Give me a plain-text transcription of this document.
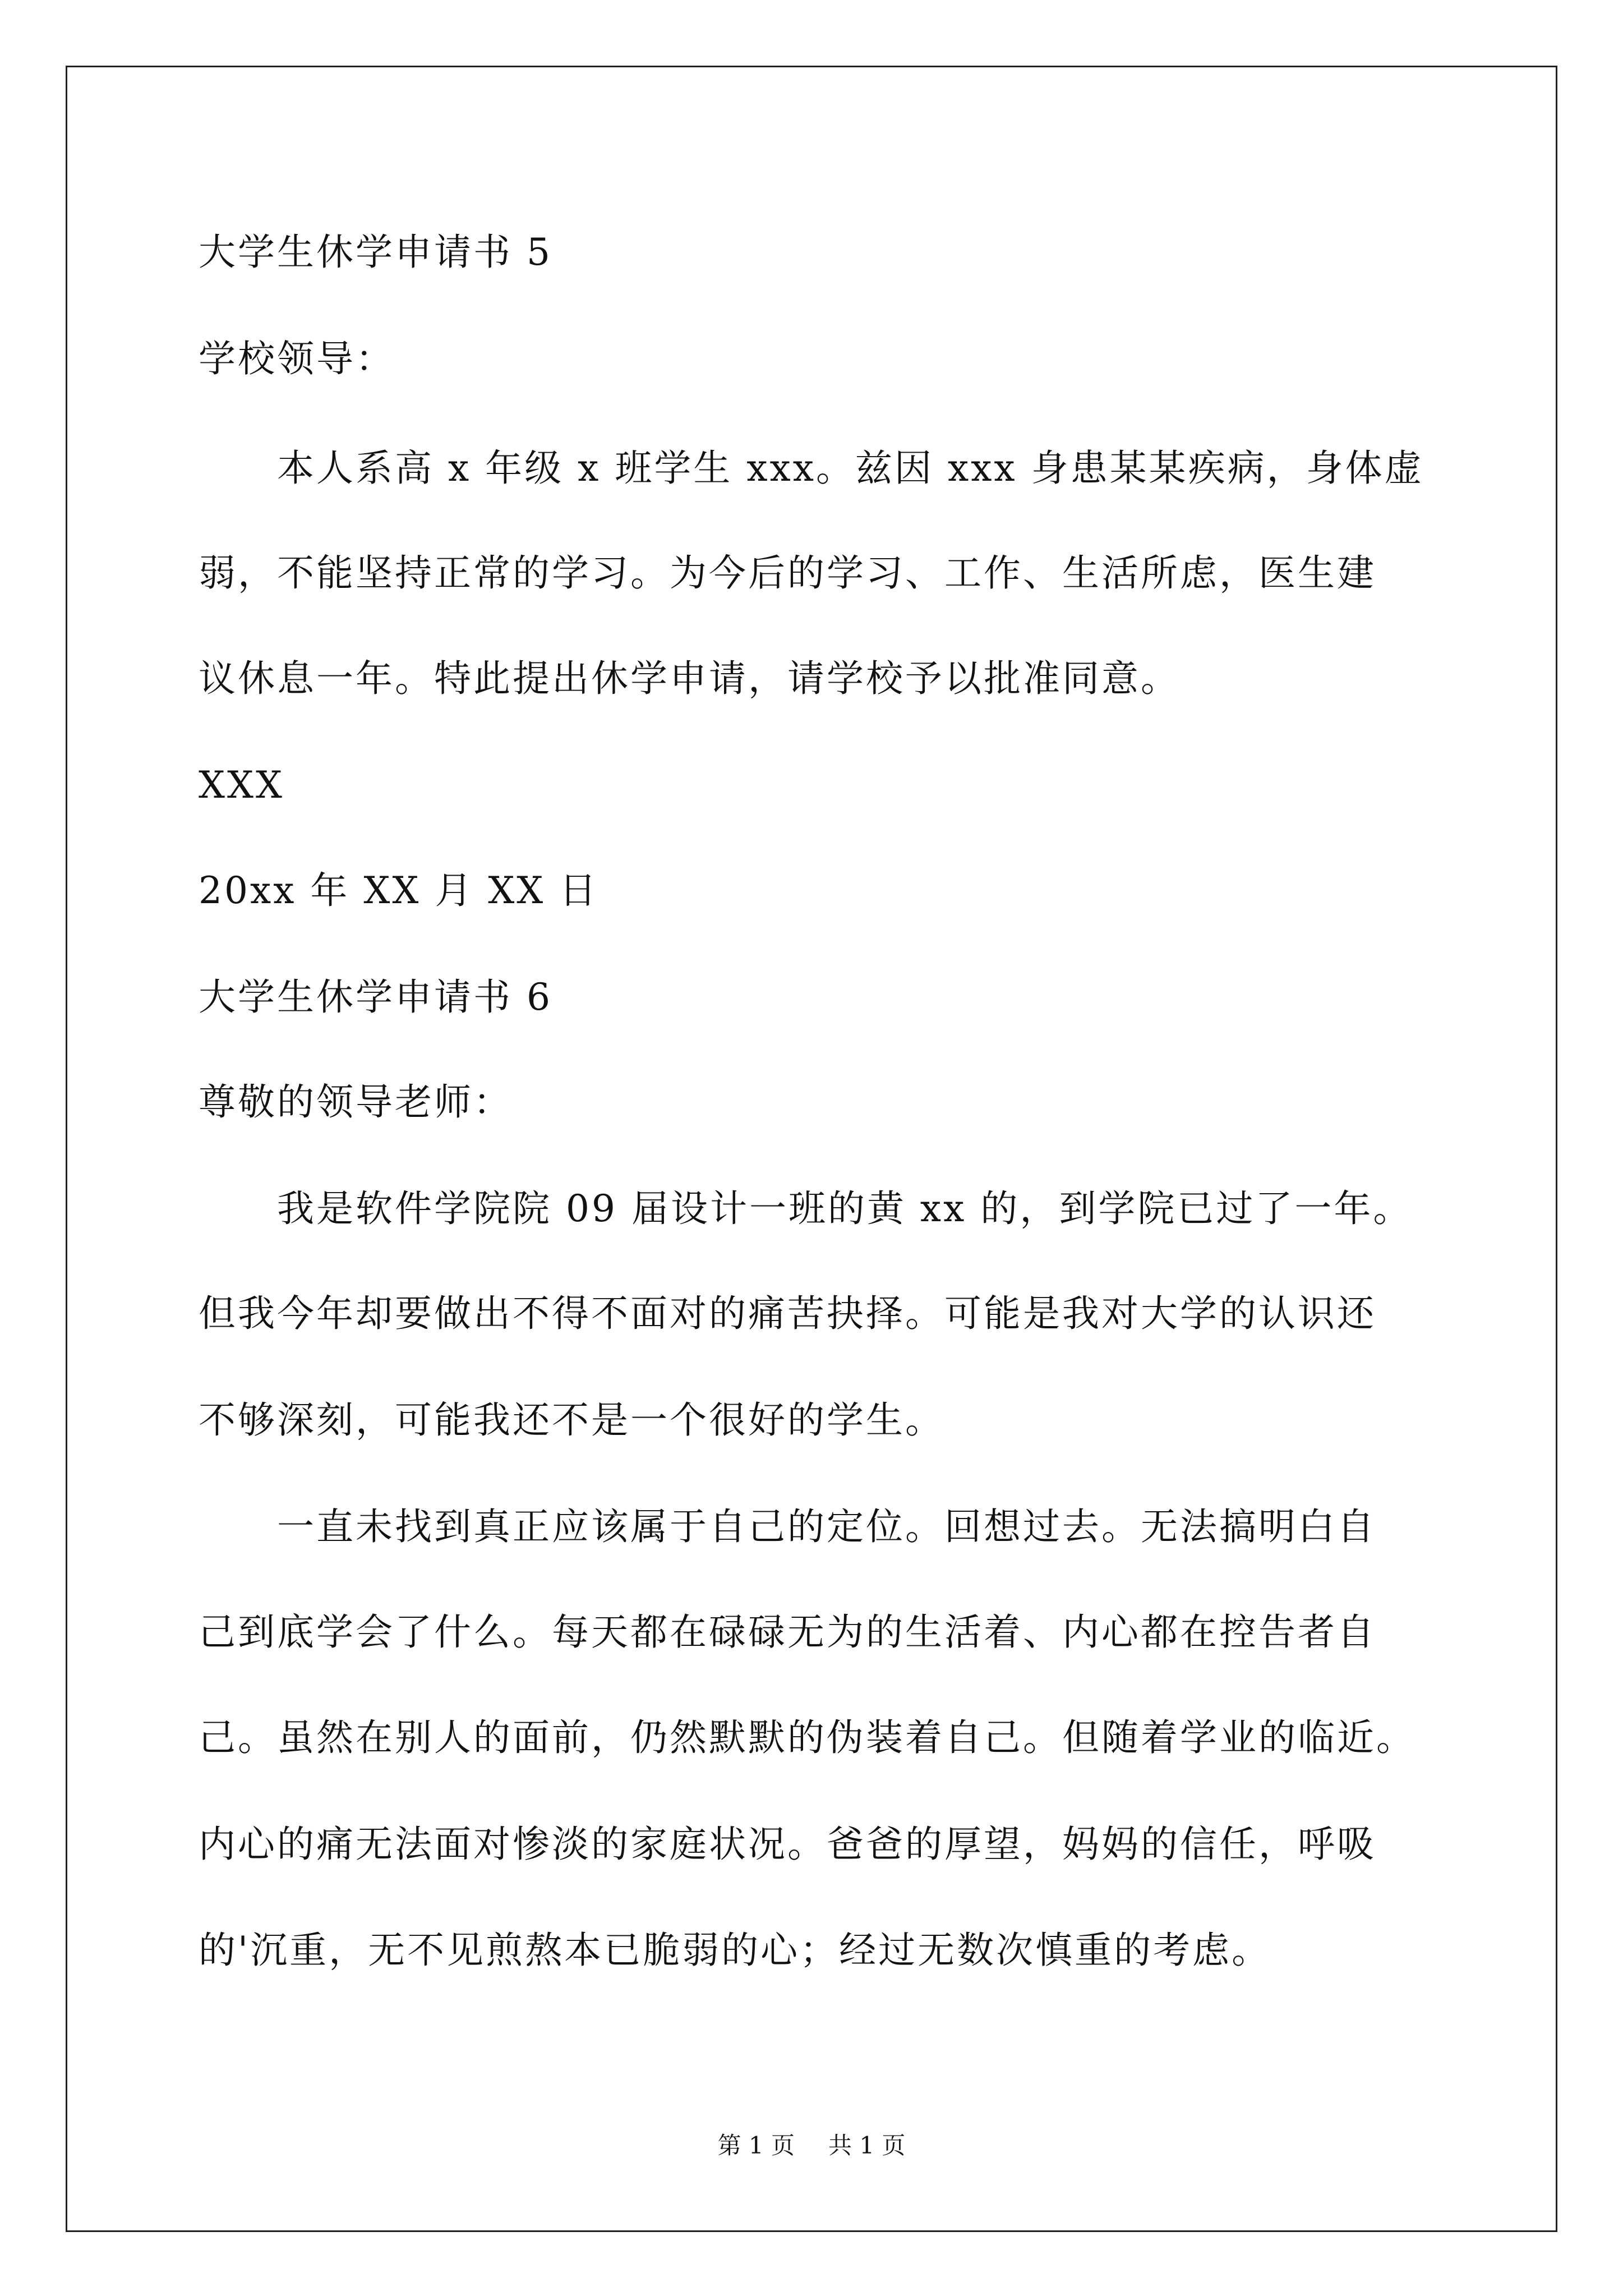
大学生休学申请书 5
学校领导：
本人系高 x 年级 x 班学生 xxx。兹因 xxx 身患某某疾病，身体虚
弱，不能坚持正常的学习。为今后的学习、工作、生活所虑，医生建
议休息一年。特此提出休学申请，请学校予以批准同意。
XXX
20xx 年 XX 月 XX 日
大学生休学申请书 6
尊敬的领导老师：
我是软件学院院 09 届设计一班的黄 xx 的，到学院已过了一年。
但我今年却要做出不得不面对的痛苦抉择。可能是我对大学的认识还
不够深刻，可能我还不是一个很好的学生。
一直未找到真正应该属于自己的定位。回想过去。无法搞明白自
己到底学会了什么。每天都在碌碌无为的生活着、内心都在控告者自
己。虽然在别人的面前，仍然默默的伪装着自己。但随着学业的临近。
内心的痛无法面对惨淡的家庭状况。爸爸的厚望，妈妈的信任，呼吸
的'沉重，无不见煎熬本已脆弱的心；经过无数次慎重的考虑。
第 1 页 共 1 页
